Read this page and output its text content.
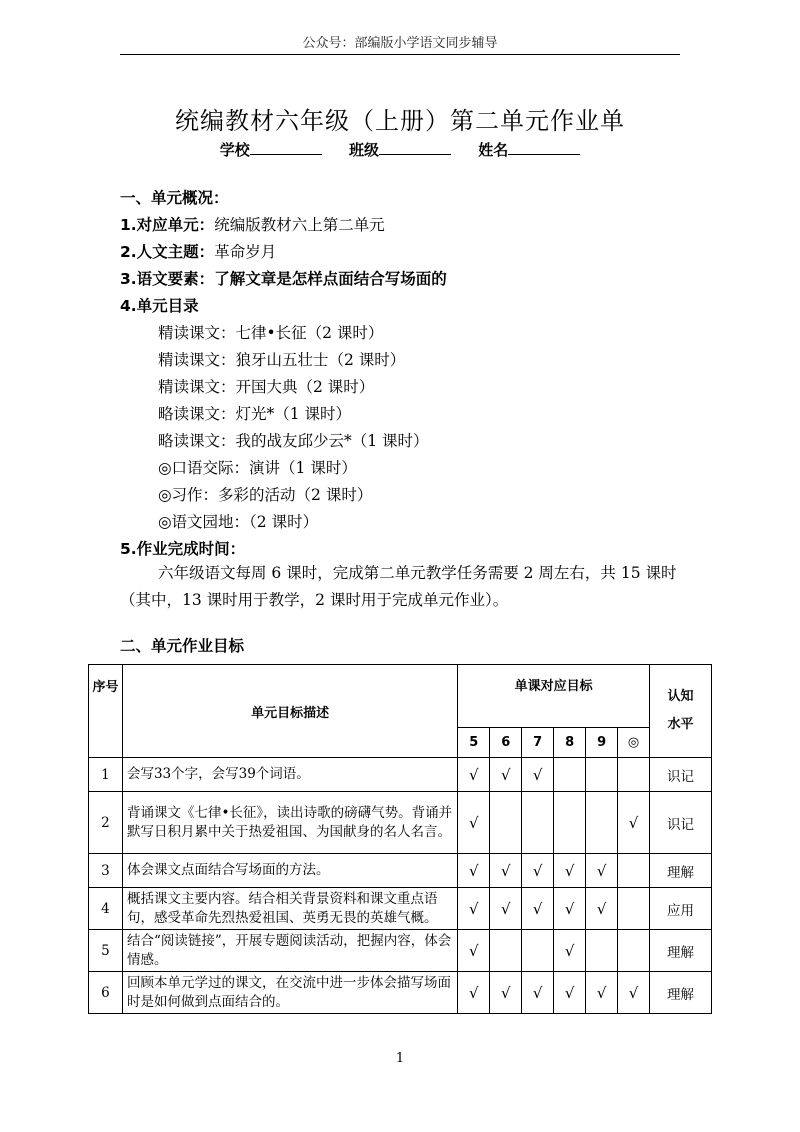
公众号：部编版小学语文同步辅导
统编教材六年级（上册）第二单元作业单
学校	班级	姓名
一、单元概况：
1.对应单元：统编版教材六上第二单元
2.人文主题：革命岁月
3.语文要素：了解文章是怎样点面结合写场面的
4.单元目录
精读课文：七律•长征（2 课时）
精读课文：狼牙山五壮士（2 课时）
精读课文：开国大典（2 课时）
略读课文：灯光*（1 课时）
略读课文：我的战友邱少云*（1 课时）
◎口语交际：演讲（1 课时）
◎习作：多彩的活动（2 课时）
◎语文园地：（2 课时）
5.作业完成时间：
六年级语文每周 6 课时，完成第二单元教学任务需要 2 周左右，共 15 课时（其中，13 课时用于教学，2 课时用于完成单元作业）。
二、单元作业目标
序号	单元目标描述	单课对应目标						认知水平
		5	6	7	8	9	◎	
1	会写33个字，会写39个词语。	√	√	√				识记
2	背诵课文《七律•长征》，读出诗歌的磅礴气势。背诵并默写日积月累中关于热爱祖国、为国献身的名人名言。	√					√	识记
3	体会课文点面结合写场面的方法。	√	√	√	√	√		理解
4	概括课文主要内容。结合相关背景资料和课文重点语句，感受革命先烈热爱祖国、英勇无畏的英雄气概。	√	√	√	√	√		应用
5	结合“阅读链接”，开展专题阅读活动，把握内容，体会情感。	√			√			理解
6	回顾本单元学过的课文，在交流中进一步体会描写场面时是如何做到点面结合的。	√	√	√	√	√	√	理解
1
